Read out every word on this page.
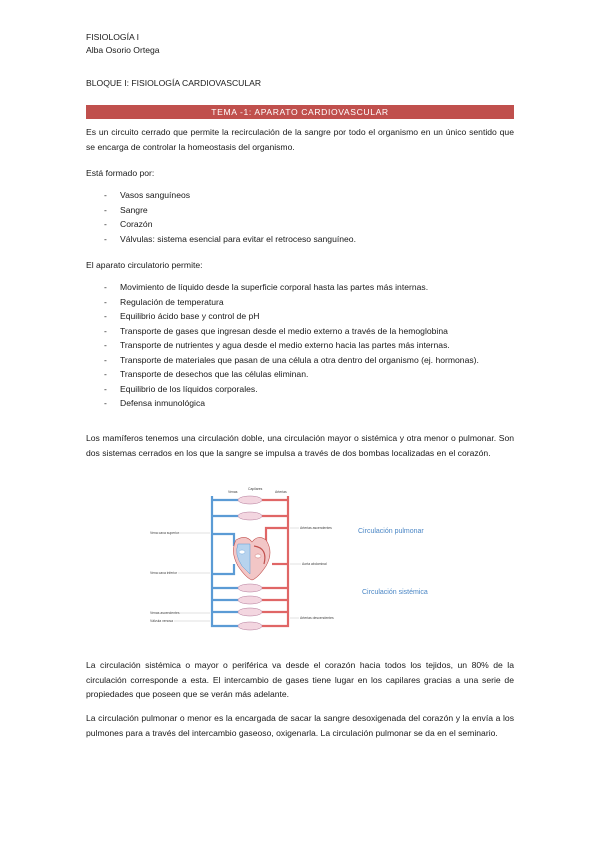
FISIOLOGÍA I
Alba Osorio Ortega
BLOQUE I: FISIOLOGÍA CARDIOVASCULAR
TEMA -1: APARATO CARDIOVASCULAR
Es un circuito cerrado que permite la recirculación de la sangre por todo el organismo en un único sentido que se encarga de controlar la homeostasis del organismo.
Está formado por:
- Vasos sanguíneos
- Sangre
- Corazón
- Válvulas: sistema esencial para evitar el retroceso sanguíneo.
El aparato circulatorio permite:
- Movimiento de líquido desde la superficie corporal hasta las partes más internas.
- Regulación de temperatura
- Equilibrio ácido base y control de pH
- Transporte de gases que ingresan desde el medio externo a través de la hemoglobina
- Transporte de nutrientes y agua desde el medio externo hacia las partes más internas.
- Transporte de materiales que pasan de una célula a otra dentro del organismo (ej. hormonas).
- Transporte de desechos que las células eliminan.
- Equilibrio de los líquidos corporales.
- Defensa inmunológica
Los mamíferos tenemos una circulación doble, una circulación mayor o sistémica y otra menor o pulmonar. Son dos sistemas cerrados en los que la sangre se impulsa a través de dos bombas localizadas en el corazón.
Venas
Capilares
Arterias
Vena cava superior
Vena cava inferior
Venas ascendentes
Válvula venosa
Arterias ascendentes
Aorta abdominal
Arterias descendentes
Circulación pulmonar
Circulación sistémica
La circulación sistémica o mayor o periférica va desde el corazón hacia todos los tejidos, un 80% de la circulación corresponde a esta. El intercambio de gases tiene lugar en los capilares gracias a una serie de propiedades que poseen que se verán más adelante.
La circulación pulmonar o menor es la encargada de sacar la sangre desoxigenada del corazón y la envía a los pulmones para a través del intercambio gaseoso, oxigenarla. La circulación pulmonar se da en el seminario.
